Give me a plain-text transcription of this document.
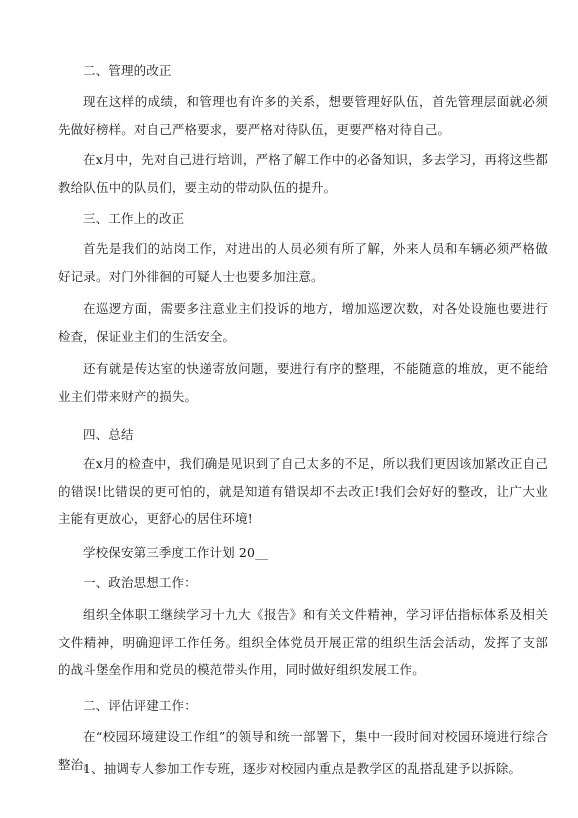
二、管理的改正

现在这样的成绩，和管理也有许多的关系，想要管理好队伍，首先管理层面就必须先做好榜样。对自己严格要求，要严格对待队伍，更要严格对待自己。

在x月中，先对自己进行培训，严格了解工作中的必备知识，多去学习，再将这些都教给队伍中的队员们，要主动的带动队伍的提升。

三、工作上的改正

首先是我们的站岗工作，对进出的人员必须有所了解，外来人员和车辆必须严格做好记录。对门外徘徊的可疑人士也要多加注意。

在巡逻方面，需要多注意业主们投诉的地方，增加巡逻次数，对各处设施也要进行检查，保证业主们的生活安全。

还有就是传达室的快递寄放问题，要进行有序的整理，不能随意的堆放，更不能给业主们带来财产的损失。

四、总结

在x月的检查中，我们确是见识到了自己太多的不足，所以我们更因该加紧改正自己的错误!比错误的更可怕的，就是知道有错误却不去改正!我们会好好的整改，让广大业主能有更放心，更舒心的居住环境!

学校保安第三季度工作计划 20__

一、政治思想工作：

组织全体职工继续学习十九大《报告》和有关文件精神，学习评估指标体系及相关文件精神，明确迎评工作任务。组织全体党员开展正常的组织生活会活动，发挥了支部的战斗堡垒作用和党员的模范带头作用，同时做好组织发展工作。

二、评估评建工作：

在“校园环境建设工作组”的领导和统一部署下，集中一段时间对校园环境进行综合整治。

1、抽调专人参加工作专班，逐步对校园内重点是教学区的乱搭乱建予以拆除。
